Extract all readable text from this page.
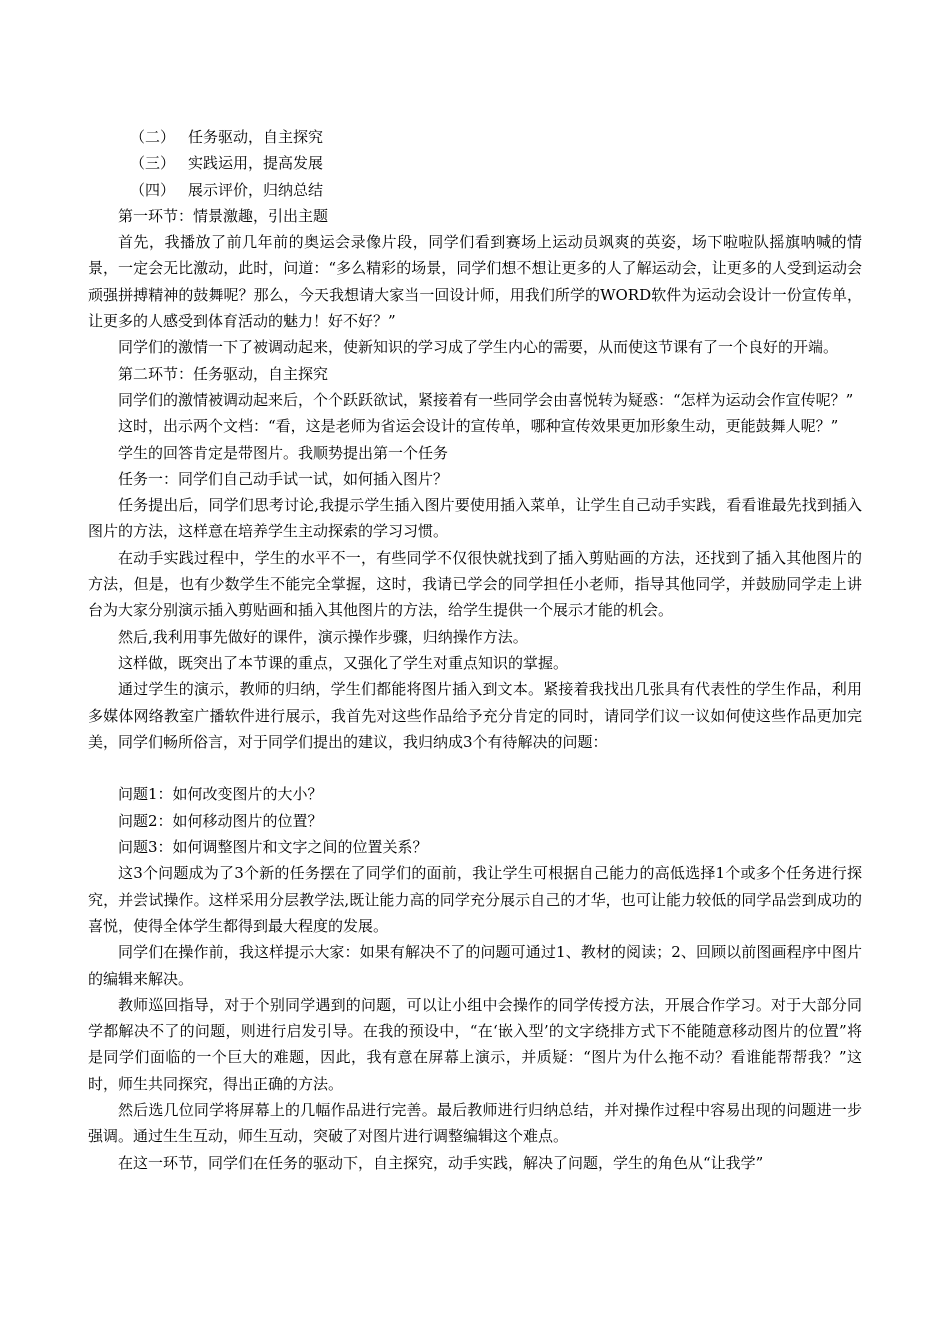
（二） 任务驱动，自主探究
（三） 实践运用，提高发展
（四） 展示评价，归纳总结

第一环节：情景激趣，引出主题

首先，我播放了前几年前的奥运会录像片段，同学们看到赛场上运动员飒爽的英姿，场下啦啦队摇旗呐喊的情景，一定会无比激动，此时，问道：“多么精彩的场景，同学们想不想让更多的人了解运动会，让更多的人受到运动会顽强拼搏精神的鼓舞呢？那么，今天我想请大家当一回设计师，用我们所学的WORD软件为运动会设计一份宣传单，让更多的人感受到体育活动的魅力！好不好？”

同学们的激情一下了被调动起来，使新知识的学习成了学生内心的需要，从而使这节课有了一个良好的开端。

第二环节：任务驱动，自主探究

同学们的激情被调动起来后，个个跃跃欲试，紧接着有一些同学会由喜悦转为疑惑：“怎样为运动会作宣传呢？”

这时，出示两个文档：“看，这是老师为省运会设计的宣传单，哪种宣传效果更加形象生动，更能鼓舞人呢？”

学生的回答肯定是带图片。我顺势提出第一个任务

任务一：同学们自己动手试一试，如何插入图片？

任务提出后，同学们思考讨论,我提示学生插入图片要使用插入菜单，让学生自己动手实践，看看谁最先找到插入图片的方法，这样意在培养学生主动探索的学习习惯。

在动手实践过程中，学生的水平不一，有些同学不仅很快就找到了插入剪贴画的方法，还找到了插入其他图片的方法，但是，也有少数学生不能完全掌握，这时，我请已学会的同学担任小老师，指导其他同学，并鼓励同学走上讲台为大家分别演示插入剪贴画和插入其他图片的方法，给学生提供一个展示才能的机会。

然后,我利用事先做好的课件，演示操作步骤，归纳操作方法。

这样做，既突出了本节课的重点，又强化了学生对重点知识的掌握。

通过学生的演示，教师的归纳，学生们都能将图片插入到文本。紧接着我找出几张具有代表性的学生作品，利用多媒体网络教室广播软件进行展示，我首先对这些作品给予充分肯定的同时，请同学们议一议如何使这些作品更加完美，同学们畅所俗言，对于同学们提出的建议，我归纳成3个有待解决的问题：

问题1：如何改变图片的大小？

问题2：如何移动图片的位置？

问题3：如何调整图片和文字之间的位置关系？

这3个问题成为了3个新的任务摆在了同学们的面前，我让学生可根据自己能力的高低选择1个或多个任务进行探究，并尝试操作。这样采用分层教学法,既让能力高的同学充分展示自己的才华，也可让能力较低的同学品尝到成功的喜悦，使得全体学生都得到最大程度的发展。

同学们在操作前，我这样提示大家：如果有解决不了的问题可通过1、教材的阅读；2、回顾以前图画程序中图片的编辑来解决。

教师巡回指导，对于个别同学遇到的问题，可以让小组中会操作的同学传授方法，开展合作学习。对于大部分同学都解决不了的问题，则进行启发引导。在我的预设中，“在‘嵌入型’的文字绕排方式下不能随意移动图片的位置”将是同学们面临的一个巨大的难题，因此，我有意在屏幕上演示，并质疑：“图片为什么拖不动？看谁能帮帮我？”这时，师生共同探究，得出正确的方法。

然后选几位同学将屏幕上的几幅作品进行完善。最后教师进行归纳总结，并对操作过程中容易出现的问题进一步强调。通过生生互动，师生互动，突破了对图片进行调整编辑这个难点。

在这一环节，同学们在任务的驱动下，自主探究，动手实践，解决了问题，学生的角色从“让我学”
